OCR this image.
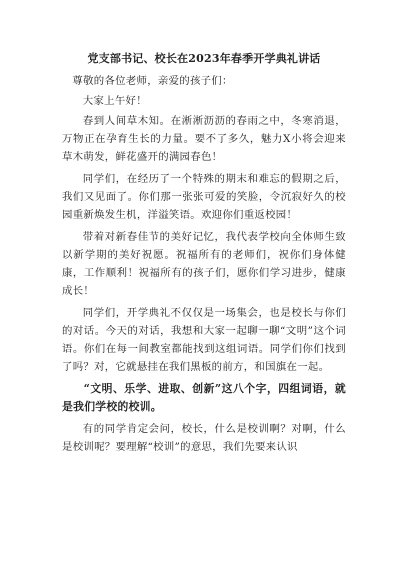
党支部书记、校长在2023年春季开学典礼讲话

尊敬的各位老师，亲爱的孩子们：

大家上午好！

春到人间草木知。在淅淅沥沥的春雨之中，冬寒消退，万物正在孕育生长的力量。要不了多久，魅力X小将会迎来草木萌发，鲜花盛开的满园春色！

同学们，在经历了一个特殊的期末和难忘的假期之后，我们又见面了。你们那一张张可爱的笑脸，令沉寂好久的校园重新焕发生机，洋溢笑语。欢迎你们重返校园！

带着对新春佳节的美好记忆，我代表学校向全体师生致以新学期的美好祝愿。祝福所有的老师们，祝你们身体健康，工作顺利！祝福所有的孩子们，愿你们学习进步，健康成长！

同学们，开学典礼不仅仅是一场集会，也是校长与你们的对话。今天的对话，我想和大家一起聊一聊“文明”这个词语。你们在每一间教室都能找到这组词语。同学们你们找到了吗？对，它就悬挂在我们黑板的前方，和国旗在一起。

“文明、乐学、进取、创新”这八个字，四组词语，就是我们学校的校训。

有的同学肯定会问，校长，什么是校训啊？对啊，什么是校训呢？要理解“校训”的意思，我们先要来认识
